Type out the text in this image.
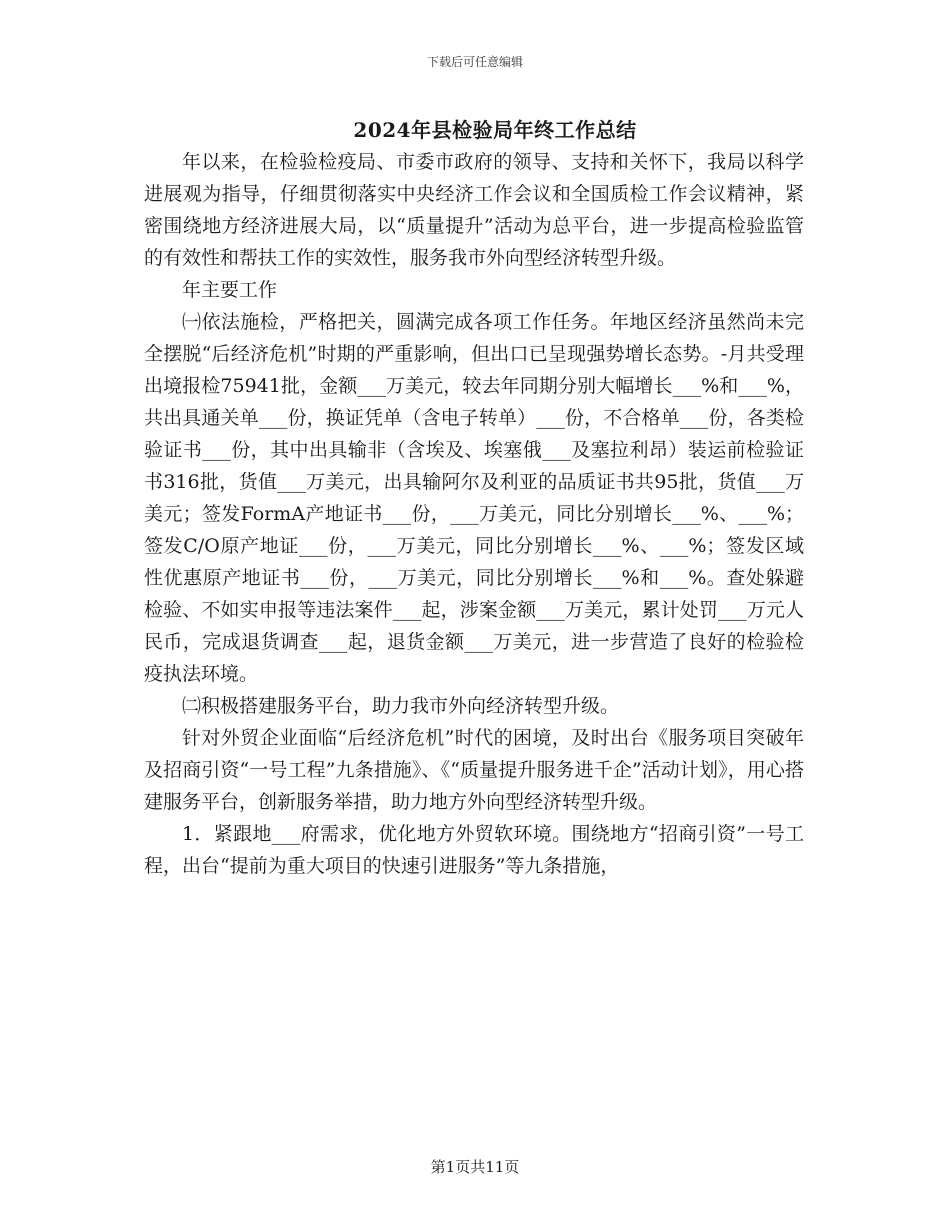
下载后可任意编辑
2024年县检验局年终工作总结

年以来，在检验检疫局、市委市政府的领导、支持和关怀下，我局以科学进展观为指导，仔细贯彻落实中央经济工作会议和全国质检工作会议精神，紧密围绕地方经济进展大局，以“质量提升”活动为总平台，进一步提高检验监管的有效性和帮扶工作的实效性，服务我市外向型经济转型升级。

年主要工作

㈠依法施检，严格把关，圆满完成各项工作任务。年地区经济虽然尚未完全摆脱“后经济危机”时期的严重影响，但出口已呈现强势增长态势。-月共受理出境报检75941批，金额___万美元，较去年同期分别大幅增长___%和___%，共出具通关单___份，换证凭单（含电子转单）___份，不合格单___份，各类检验证书___份，其中出具输非（含埃及、埃塞俄___及塞拉利昂）装运前检验证书316批，货值___万美元，出具输阿尔及利亚的品质证书共95批，货值___万美元；签发FormA产地证书___份，___万美元，同比分别增长___%、___%；签发C/O原产地证___份，___万美元，同比分别增长___%、___%；签发区域性优惠原产地证书___份，___万美元，同比分别增长___%和___%。查处躲避检验、不如实申报等违法案件___起，涉案金额___万美元，累计处罚___万元人民币，完成退货调查___起，退货金额___万美元，进一步营造了良好的检验检疫执法环境。

㈡积极搭建服务平台，助力我市外向经济转型升级。

针对外贸企业面临“后经济危机”时代的困境，及时出台《服务项目突破年及招商引资“一号工程”九条措施》、《“质量提升服务进千企”活动计划》，用心搭建服务平台，创新服务举措，助力地方外向型经济转型升级。

1．紧跟地___府需求，优化地方外贸软环境。围绕地方“招商引资”一号工程，出台“提前为重大项目的快速引进服务”等九条措施，

第1页共11页
